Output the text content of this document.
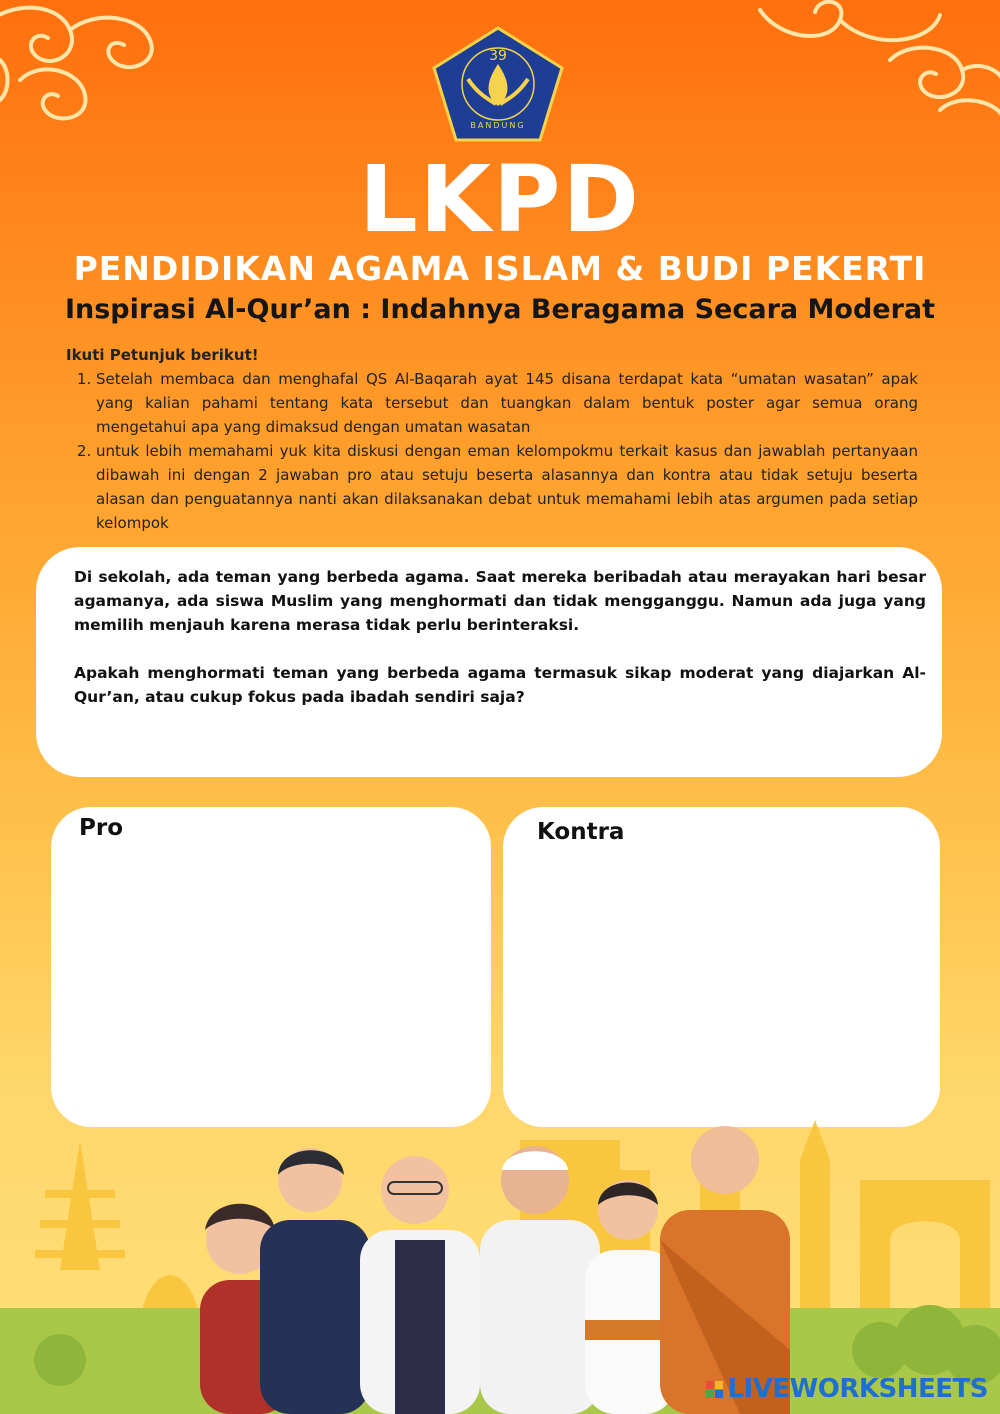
39
BANDUNG
LKPD
PENDIDIKAN AGAMA ISLAM & BUDI PEKERTI
Inspirasi Al-Qur’an : Indahnya Beragama Secara Moderat
Ikuti Petunjuk berikut!
1. Setelah membaca dan menghafal QS Al-Baqarah ayat 145 disana terdapat kata “umatan wasatan” apak yang kalian pahami tentang kata tersebut dan tuangkan dalam bentuk poster agar semua orang mengetahui apa yang dimaksud dengan umatan wasatan
2. untuk lebih memahami yuk kita diskusi dengan eman kelompokmu terkait kasus dan jawablah pertanyaan dibawah ini dengan 2 jawaban pro atau setuju beserta alasannya dan kontra atau tidak setuju beserta alasan dan penguatannya nanti akan dilaksanakan debat untuk memahami lebih atas argumen pada setiap kelompok

Di sekolah, ada teman yang berbeda agama. Saat mereka beribadah atau merayakan hari besar agamanya, ada siswa Muslim yang menghormati dan tidak mengganggu. Namun ada juga yang memilih menjauh karena merasa tidak perlu berinteraksi.

Apakah menghormati teman yang berbeda agama termasuk sikap moderat yang diajarkan Al-Qur’an, atau cukup fokus pada ibadah sendiri saja?

Pro	Kontra
LIVEWORKSHEETS
